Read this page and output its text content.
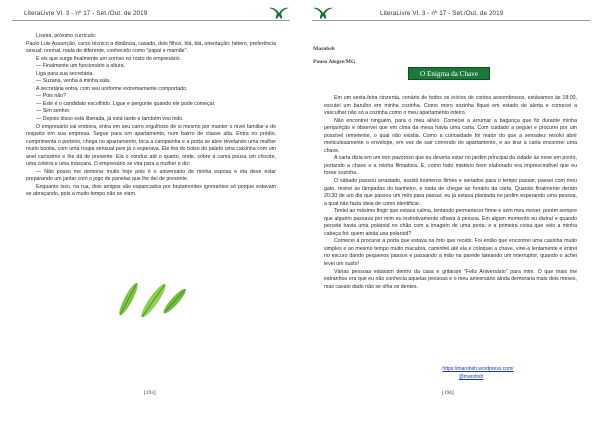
LiteraLivre Vl. 3 - nº 17 - Set./Out. de 2019

Lixeira, próximo currículo:

Paulo Luis Assunção, curso técnico a distância, casado, dois filhos, blá, blá, orientação: hétero, preferência sexual: normal, nada de diferente, conhecido como "papai e mamãe".

E eis que surge finalmente um sorriso no rosto do empresário.

— Finalmente um funcionário a altura.

Liga para sua secretária.

— Suzana, venha à minha sala.

A secretária entra, com seu uniforme extremamente comportado.

— Pois não?

— Este é o candidato escolhido. Ligue e pergunte quando ele pode começar.

— Sim senhor.

— Depois disso está liberada, já está tarde e também vou indo.

O empresário vai embora, entra em seu carro orgulhoso de si mesmo por manter o nível familiar e de respeito em sua empresa. Segue para um apartamento, num bairro de classe alta. Entra no prédio, cumprimenta o porteiro, chega no apartamento, toca a campainha e a porta se abre revelando uma mulher muito bonita, com uma roupa sensual pois já o esperava. Ele tira do bolso do paletó uma caixinha com um anel caríssimo e lhe dá de presente. Ela o conduz até o quarto, onde, sobre a cama pousa um chicote, uma coleira e uma máscara. O empresário se vira para a mulher e diz:

— Não posso me demorar muito hoje pois é o aniversário de minha esposa e ela deve estar preparando um jantar com o jogo de panelas que lhe dei de presente.

Enquanto isso, na rua, dois amigos são espancados por brutamontes ignorantes só porque estavam se abraçando, pois a muito tempo não se viam.

[193]
LiteraLivre Vl. 3 - nº 17 - Set./Out. de 2019
Marobsh
Pouso Alegre/MG
O Enigma da Chave

Em um sexta-feira cinzenta, cenário de todos os inícios de contos assombrosos, estávamos às 18:00, escutei um barulho em minha cozinha. Como moro sozinha fiquei em estado de alerta e comecei a vasculhar não só a cozinha como o meu apartamento inteiro.

Não encontrei ninguém, para o meu alívio. Comecei a arrumar a bagunça que fiz durante minha perquirição e observei que em cima da mesa havia uma carta. Com cuidado a peguei e procurei por um possível remetente, o qual não existia. Como a curiosidade foi maior do que a sensatez resolvi abrir meticulosamente o envelope, em vez de sair correndo do apartamento, e ao tirar a carta encontrei uma chave.

A carta dizia em um tom pavoroso que eu deveria estar no jardim principal da cidade às nove em ponto, portando a chave e a minha filmadora. E, como todo mistério bem elaborado era imprescindível que eu fosse sozinha.

O sábado passou arrastado, assisti inúmeros filmes e seriados para o tempo passar, passei com meu gato, revirei as lâmpadas do banheiro, e nada de chegar ao horário da carta. Quando finalmente deram 20:30 de um dia que passou um mês para passar, eu já estava plantada no jardim esperando uma pessoa, a qual não fazia ideia de como identificar.

Tentei ao máximo fingir que estava calma, tentando permanecer firme e sem meu mover, porém sempre que alguém passava por mim eu instintivamente olhava à pessoa. Em algum momento eu distraí e quando percebi havia uma polaroid no chão com a imagem de uma porta; e a primeira coisa que veio a minha cabeça foi: quem ainda usa polaroid?

Comecei a procurar a porta que estava na foto que recebi. Foi então que encontrei uma casinha muito simples e ao mesmo tempo muito macabra, caminhei até ela e coloquei a chave, virei-a lentamente e entrei no escuro dando pequenos passos e passando a mão na parede tateando um interruptor, quando o achei levei um susto!

Várias pessoas estavam dentro da casa e gritaram "Feliz Aniversário" para mim. O que mais me estranhou era que eu não conhecia aquelas pessoas e o meu aniversário ainda demoraria mais dois meses, mas cavalo dado não se olha os dentes.

https://marobsh.wordpress.com/
@marobsh
[194]
